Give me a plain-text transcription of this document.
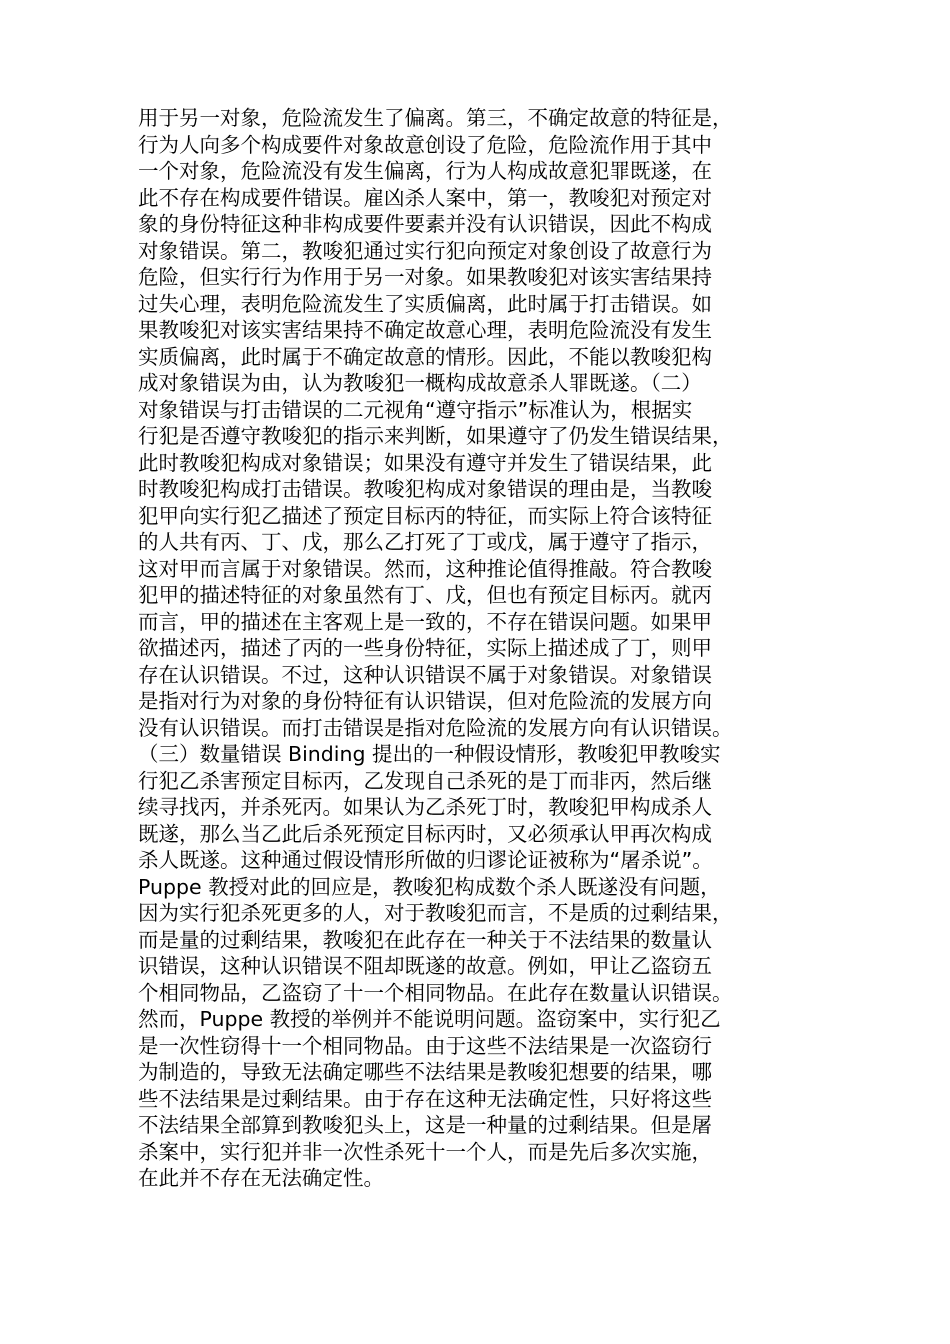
用于另一对象，危险流发生了偏离。第三，不确定故意的特征是，
行为人向多个构成要件对象故意创设了危险，危险流作用于其中
一个对象，危险流没有发生偏离，行为人构成故意犯罪既遂，在
此不存在构成要件错误。雇凶杀人案中，第一，教唆犯对预定对
象的身份特征这种非构成要件要素并没有认识错误，因此不构成
对象错误。第二，教唆犯通过实行犯向预定对象创设了故意行为
危险，但实行行为作用于另一对象。如果教唆犯对该实害结果持
过失心理，表明危险流发生了实质偏离，此时属于打击错误。如
果教唆犯对该实害结果持不确定故意心理，表明危险流没有发生
实质偏离，此时属于不确定故意的情形。因此，不能以教唆犯构
成对象错误为由，认为教唆犯一概构成故意杀人罪既遂。（二）
对象错误与打击错误的二元视角“遵守指示”标准认为，根据实
行犯是否遵守教唆犯的指示来判断，如果遵守了仍发生错误结果，
此时教唆犯构成对象错误；如果没有遵守并发生了错误结果，此
时教唆犯构成打击错误。教唆犯构成对象错误的理由是，当教唆
犯甲向实行犯乙描述了预定目标丙的特征，而实际上符合该特征
的人共有丙、丁、戊，那么乙打死了丁或戊，属于遵守了指示，
这对甲而言属于对象错误。然而，这种推论值得推敲。符合教唆
犯甲的描述特征的对象虽然有丁、戊，但也有预定目标丙。就丙
而言，甲的描述在主客观上是一致的，不存在错误问题。如果甲
欲描述丙，描述了丙的一些身份特征，实际上描述成了丁，则甲
存在认识错误。不过，这种认识错误不属于对象错误。对象错误
是指对行为对象的身份特征有认识错误，但对危险流的发展方向
没有认识错误。而打击错误是指对危险流的发展方向有认识错误。
（三）数量错误 Binding 提出的一种假设情形，教唆犯甲教唆实
行犯乙杀害预定目标丙，乙发现自己杀死的是丁而非丙，然后继
续寻找丙，并杀死丙。如果认为乙杀死丁时，教唆犯甲构成杀人
既遂，那么当乙此后杀死预定目标丙时，又必须承认甲再次构成
杀人既遂。这种通过假设情形所做的归谬论证被称为“屠杀说”。
Puppe 教授对此的回应是，教唆犯构成数个杀人既遂没有问题，
因为实行犯杀死更多的人，对于教唆犯而言，不是质的过剩结果，
而是量的过剩结果，教唆犯在此存在一种关于不法结果的数量认
识错误，这种认识错误不阻却既遂的故意。例如，甲让乙盗窃五
个相同物品，乙盗窃了十一个相同物品。在此存在数量认识错误。
然而，Puppe 教授的举例并不能说明问题。盗窃案中，实行犯乙
是一次性窃得十一个相同物品。由于这些不法结果是一次盗窃行
为制造的，导致无法确定哪些不法结果是教唆犯想要的结果，哪
些不法结果是过剩结果。由于存在这种无法确定性，只好将这些
不法结果全部算到教唆犯头上，这是一种量的过剩结果。但是屠
杀案中，实行犯并非一次性杀死十一个人，而是先后多次实施，
在此并不存在无法确定性。
